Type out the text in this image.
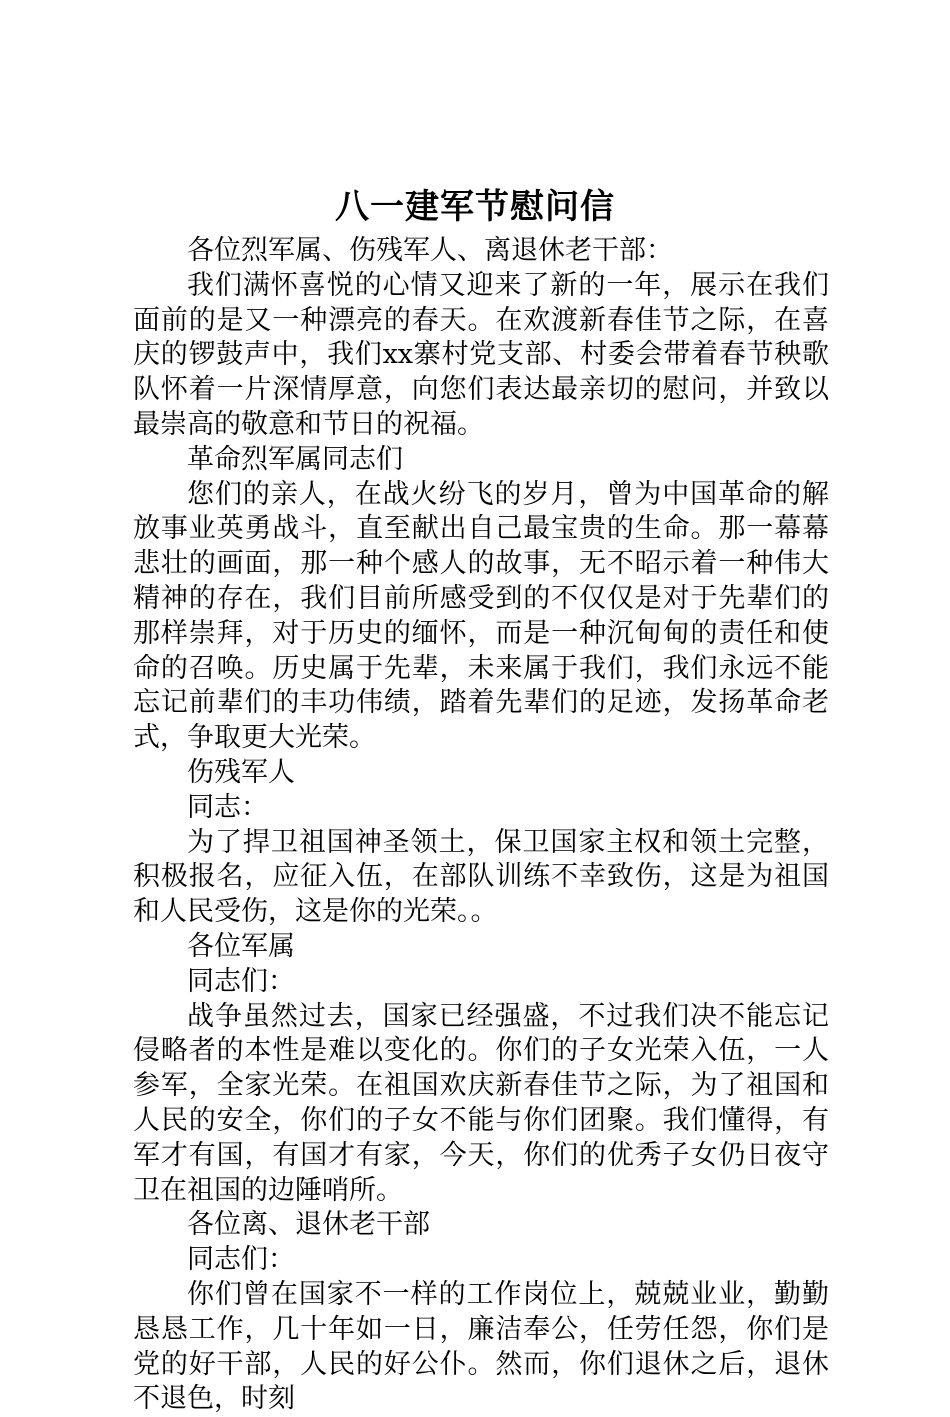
八一建军节慰问信

各位烈军属、伤残军人、离退休老干部：

我们满怀喜悦的心情又迎来了新的一年，展示在我们面前的是又一种漂亮的春天。在欢渡新春佳节之际，在喜庆的锣鼓声中，我们xx寨村党支部、村委会带着春节秧歌队怀着一片深情厚意，向您们表达最亲切的慰问，并致以最崇高的敬意和节日的祝福。

革命烈军属同志们

您们的亲人，在战火纷飞的岁月，曾为中国革命的解放事业英勇战斗，直至献出自己最宝贵的生命。那一幕幕悲壮的画面，那一种个感人的故事，无不昭示着一种伟大精神的存在，我们目前所感受到的不仅仅是对于先辈们的那样崇拜，对于历史的缅怀，而是一种沉甸甸的责任和使命的召唤。历史属于先辈，未来属于我们，我们永远不能忘记前辈们的丰功伟绩，踏着先辈们的足迹，发扬革命老式，争取更大光荣。

伤残军人

同志：

为了捍卫祖国神圣领土，保卫国家主权和领土完整，积极报名，应征入伍，在部队训练不幸致伤，这是为祖国和人民受伤，这是你的光荣。。

各位军属

同志们：

战争虽然过去，国家已经强盛，不过我们决不能忘记侵略者的本性是难以变化的。你们的子女光荣入伍，一人参军，全家光荣。在祖国欢庆新春佳节之际，为了祖国和人民的安全，你们的子女不能与你们团聚。我们懂得，有军才有国，有国才有家，今天，你们的优秀子女仍日夜守卫在祖国的边陲哨所。

各位离、退休老干部

同志们：

你们曾在国家不一样的工作岗位上，兢兢业业，勤勤恳恳工作，几十年如一日，廉洁奉公，任劳任怨，你们是党的好干部，人民的好公仆。然而，你们退休之后，退休不退色，时刻
